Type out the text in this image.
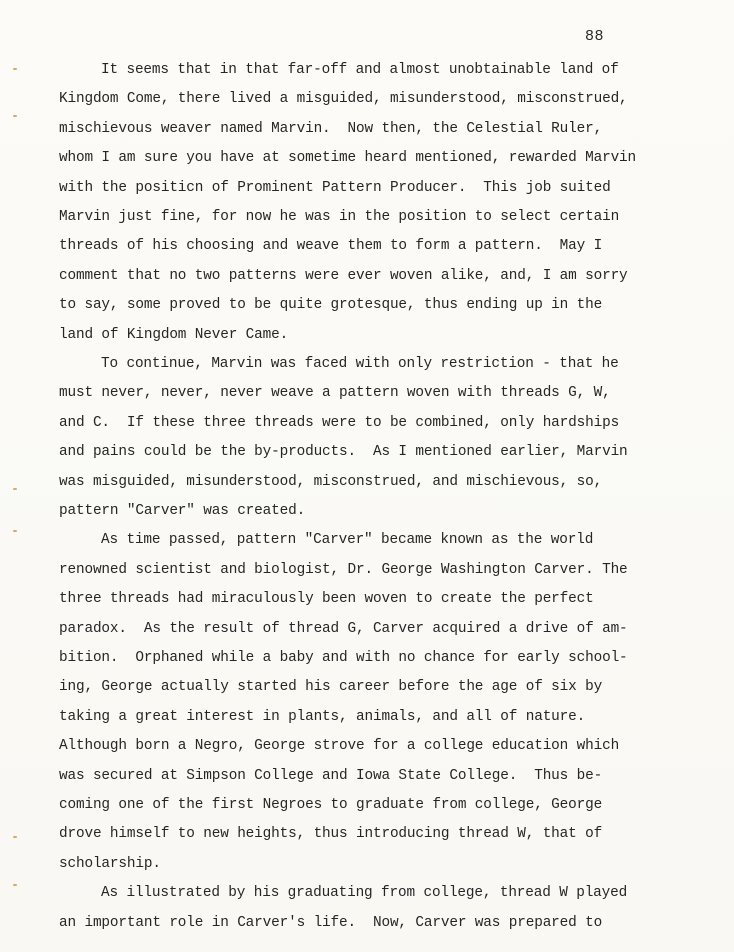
88
It seems that in that far-off and almost unobtainable land of
Kingdom Come, there lived a misguided, misunderstood, misconstrued,
mischievous weaver named Marvin.  Now then, the Celestial Ruler,
whom I am sure you have at sometime heard mentioned, rewarded Marvin
with the positicn of Prominent Pattern Producer.  This job suited
Marvin just fine, for now he was in the position to select certain
threads of his choosing and weave them to form a pattern.  May I
comment that no two patterns were ever woven alike, and, I am sorry
to say, some proved to be quite grotesque, thus ending up in the
land of Kingdom Never Came.
To continue, Marvin was faced with only restriction - that he
must never, never, never weave a pattern woven with threads G, W,
and C.  If these three threads were to be combined, only hardships
and pains could be the by-products.  As I mentioned earlier, Marvin
was misguided, misunderstood, misconstrued, and mischievous, so,
pattern "Carver" was created.
As time passed, pattern "Carver" became known as the world
renowned scientist and biologist, Dr. George Washington Carver. The
three threads had miraculously been woven to create the perfect
paradox.  As the result of thread G, Carver acquired a drive of am-
bition.  Orphaned while a baby and with no chance for early school-
ing, George actually started his career before the age of six by
taking a great interest in plants, animals, and all of nature.
Although born a Negro, George strove for a college education which
was secured at Simpson College and Iowa State College.  Thus be-
coming one of the first Negroes to graduate from college, George
drove himself to new heights, thus introducing thread W, that of
scholarship.
As illustrated by his graduating from college, thread W played
an important role in Carver's life.  Now, Carver was prepared to
